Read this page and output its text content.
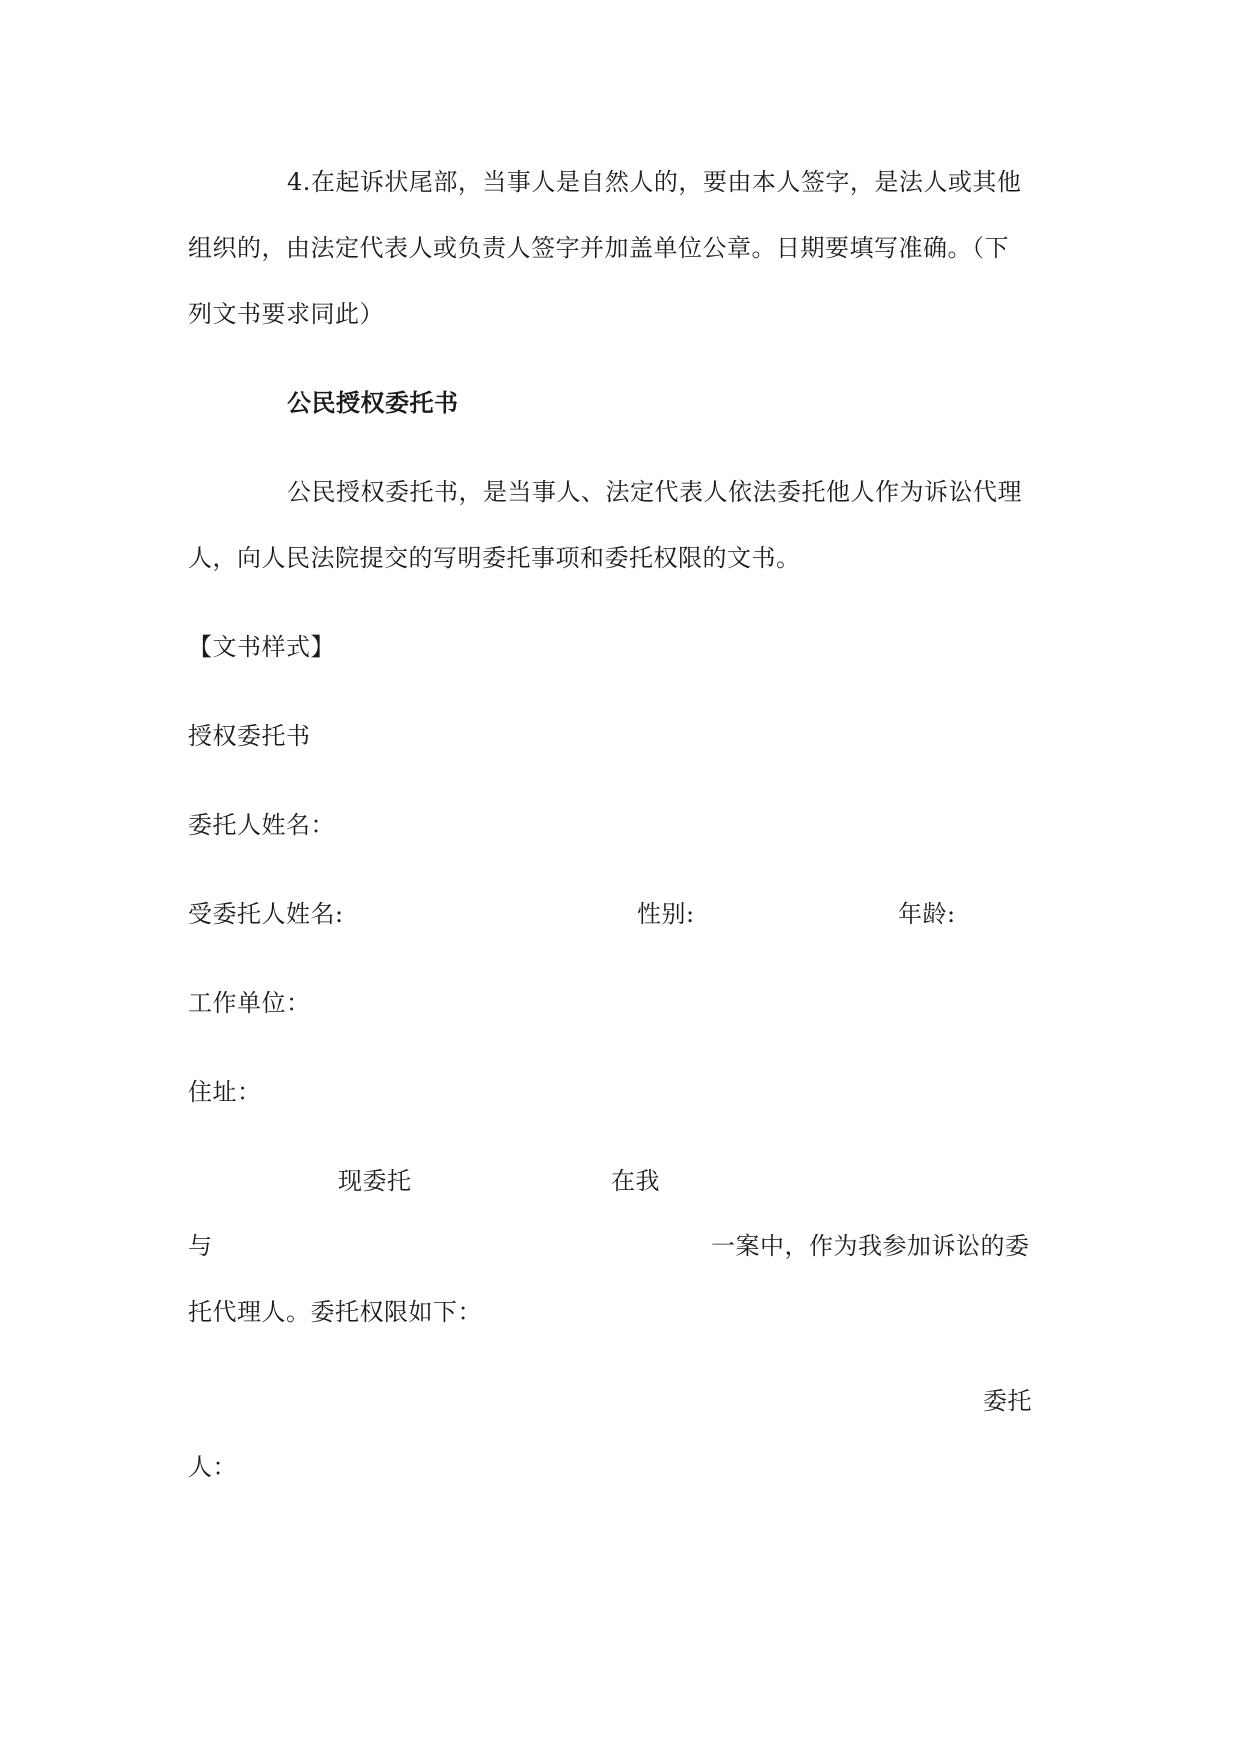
4.在起诉状尾部，当事人是自然人的，要由本人签字，是法人或其他
组织的，由法定代表人或负责人签字并加盖单位公章。日期要填写准确。（下
列文书要求同此）
公民授权委托书
公民授权委托书，是当事人、法定代表人依法委托他人作为诉讼代理
人，向人民法院提交的写明委托事项和委托权限的文书。
【文书样式】
授权委托书
委托人姓名：
受委托人姓名:	性别:	年龄:
工作单位：
住址：
现委托	在我
与	一案中，作为我参加诉讼的委
托代理人。委托权限如下：
委托
人：
